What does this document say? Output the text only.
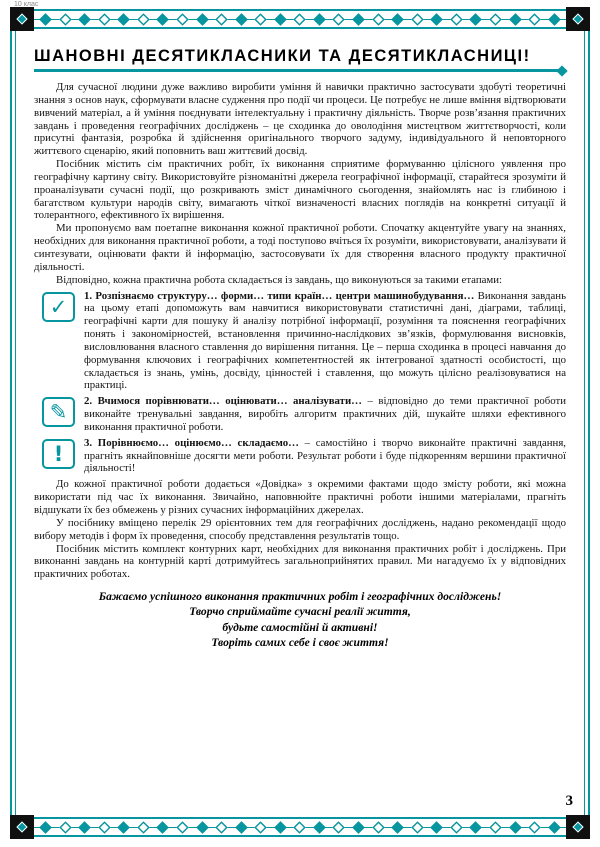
10 клас
ШАНОВНІ ДЕСЯТИКЛАСНИКИ ТА ДЕСЯТИКЛАСНИЦІ!

Для сучасної людини дуже важливо виробити уміння й навички практично застосувати здобуті теоретичні знання з основ наук, сформувати власне судження про події чи процеси. Це потребує не лише вміння відтворювати вивчений матеріал, а й уміння поєднувати інтелектуальну і практичну діяльність. Творче розв’язання практичних завдань і проведення географічних досліджень – це сходинка до оволодіння мистецтвом життєтворчості, коли присутні фантазія, розробка й здійснення оригінального творчого задуму, індивідуального й неповторного життєвого сценарію, який поповнить ваш життєвий досвід.

Посібник містить сім практичних робіт, їх виконання сприятиме формуванню цілісного уявлення про географічну картину світу. Використовуйте різноманітні джерела географічної інформації, старайтеся зрозуміти й проаналізувати сучасні події, що розкривають зміст динамічного сьогодення, знайомлять нас із глибиною і багатством культури народів світу, вимагають чіткої визначеності власних поглядів на конкретні ситуації й толерантного, ефективного їх вирішення.

Ми пропонуємо вам поетапне виконання кожної практичної роботи. Спочатку акцентуйте увагу на знаннях, необхідних для виконання практичної роботи, а тоді поступово вчіться їх розуміти, використовувати, аналізувати й синтезувати, оцінювати факти й інформацію, застосовувати їх для створення власного продукту практичної діяльності.

Відповідно, кожна практична робота складається із завдань, що виконуються за такими етапами:

✓ 1. Розпізнаємо структуру… форми… типи країн… центри машинобудування… Виконання завдань на цьому етапі допоможуть вам навчитися використовувати статистичні дані, діаграми, таблиці, географічні карти для пошуку й аналізу потрібної інформації, розуміння та пояснення географічних понять і закономірностей, встановлення причинно-наслідкових зв’язків, формулювання висновків, висловлювання власного ставлення до вирішення питання. Це – перша сходинка в процесі навчання до формування ключових і географічних компетентностей як інтегрованої здатності особистості, що складається із знань, умінь, досвіду, цінностей і ставлення, що можуть цілісно реалізовуватися на практиці.

✎ 2. Вчимося порівнювати… оцінювати… аналізувати… – відповідно до теми практичної роботи виконайте тренувальні завдання, виробіть алгоритм практичних дій, шукайте шляхи ефективного виконання практичної роботи.

! 3. Порівнюємо… оцінюємо… складаємо… – самостійно і творчо виконайте практичні завдання, прагніть якнайповніше досягти мети роботи. Результат роботи і буде підкоренням вершини практичної діяльності!

До кожної практичної роботи додається «Довідка» з окремими фактами щодо змісту роботи, які можна використати під час їх виконання. Звичайно, наповнюйте практичні роботи іншими матеріалами, прагніть відшукати їх без обмежень у різних сучасних інформаційних джерелах.

У посібнику вміщено перелік 29 орієнтовних тем для географічних досліджень, надано рекомендації щодо вибору методів і форм їх проведення, способу представлення результатів тощо.

Посібник містить комплект контурних карт, необхідних для виконання практичних робіт і досліджень. При виконанні завдань на контурній карті дотримуйтесь загальноприйнятих правил. Ми нагадуємо їх у відповідних практичних роботах.

Бажаємо успішного виконання практичних робіт і географічних досліджень!
Творчо сприймайте сучасні реалії життя,
будьте самостійні й активні!
Творіть самих себе і своє життя!
3
